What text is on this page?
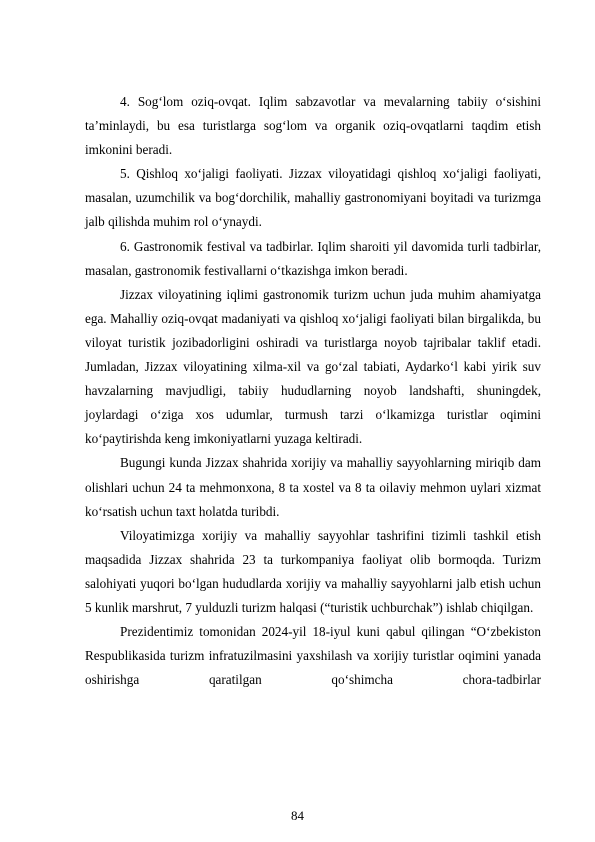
4. Sog‘lom oziq-ovqat. Iqlim sabzavotlar va mevalarning tabiiy o‘sishini ta’minlaydi, bu esa turistlarga sog‘lom va organik oziq-ovqatlarni taqdim etish imkonini beradi.

5. Qishloq xo‘jaligi faoliyati. Jizzax viloyatidagi qishloq xo‘jaligi faoliyati, masalan, uzumchilik va bog‘dorchilik, mahalliy gastronomiyani boyitadi va turizmga jalb qilishda muhim rol o‘ynaydi.

6. Gastronomik festival va tadbirlar. Iqlim sharoiti yil davomida turli tadbirlar, masalan, gastronomik festivallarni o‘tkazishga imkon beradi.

Jizzax viloyatining iqlimi gastronomik turizm uchun juda muhim ahamiyatga ega. Mahalliy oziq-ovqat madaniyati va qishloq xo‘jaligi faoliyati bilan birgalikda, bu viloyat turistik jozibadorligini oshiradi va turistlarga noyob tajribalar taklif etadi. Jumladan, Jizzax viloyatining xilma-xil va go‘zal tabiati, Aydarko‘l kabi yirik suv havzalarning mavjudligi, tabiiy hududlarning noyob landshafti, shuningdek, joylardagi o‘ziga xos udumlar, turmush tarzi o‘lkamizga turistlar oqimini ko‘paytirishda keng imkoniyatlarni yuzaga keltiradi.

Bugungi kunda Jizzax shahrida xorijiy va mahalliy sayyohlarning miriqib dam olishlari uchun 24 ta mehmonxona, 8 ta xostel va 8 ta oilaviy mehmon uylari xizmat ko‘rsatish uchun taxt holatda turibdi.

Viloyatimizga xorijiy va mahalliy sayyohlar tashrifini tizimli tashkil etish maqsadida Jizzax shahrida 23 ta turkompaniya faoliyat olib bormoqda. Turizm salohiyati yuqori bo‘lgan hududlarda xorijiy va mahalliy sayyohlarni jalb etish uchun 5 kunlik marshrut, 7 yulduzli turizm halqasi (“turistik uchburchak”) ishlab chiqilgan.

Prezidentimiz tomonidan 2024-yil 18-iyul kuni qabul qilingan “O‘zbekiston Respublikasida turizm infratuzilmasini yaxshilash va xorijiy turistlar oqimini yanada oshirishga qaratilgan qo‘shimcha chora-tadbirlar

84
